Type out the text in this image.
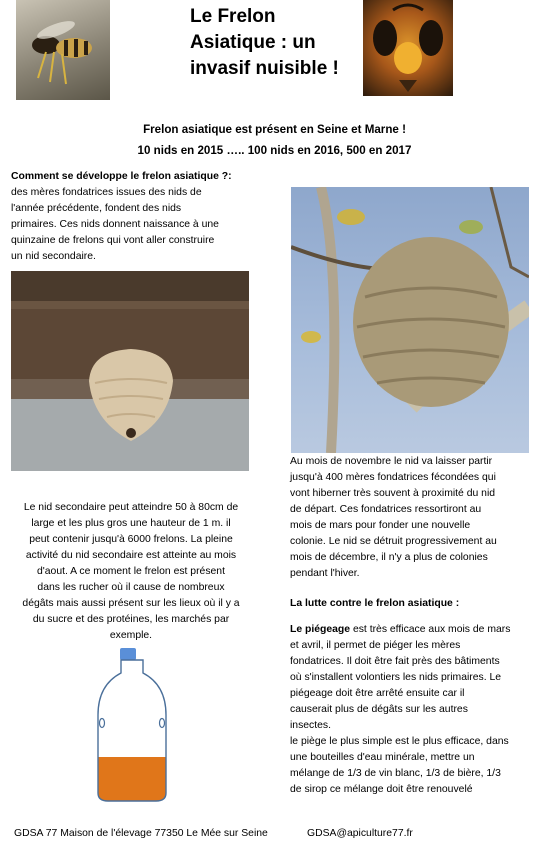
Le Frelon
Asiatique : un
invasif nuisible !
Frelon asiatique est présent en Seine et Marne !
10 nids en 2015 ….. 100 nids en 2016, 500 en 2017
Comment se développe le frelon asiatique ?:
des mères fondatrices issues des nids de
l'année précédente, fondent des nids
primaires. Ces nids donnent naissance à une
quinzaine de frelons qui vont aller construire
un nid secondaire.
Le nid secondaire peut atteindre 50 à 80cm de
large et les plus gros une hauteur de 1 m. il
peut contenir jusqu'à 6000 frelons. La pleine
activité du nid secondaire est atteinte au mois
d'aout. A ce moment le frelon est présent
dans les rucher où il cause de nombreux
dégâts mais aussi présent sur les lieux où il y a
du sucre et des protéines, les marchés par
exemple.
Au mois de novembre le nid va laisser partir
jusqu'à 400 mères fondatrices fécondées qui
vont hiberner très souvent à proximité du nid
de départ. Ces fondatrices ressortiront au
mois de mars pour fonder une nouvelle
colonie. Le nid se détruit progressivement au
mois de décembre, il n'y a plus de colonies
pendant l'hiver.
La lutte contre le frelon asiatique :
Le piégeage est très efficace aux mois de mars
et avril, il permet de piéger les mères
fondatrices. Il doit être fait près des bâtiments
où s'installent volontiers les nids primaires. Le
piégeage doit être arrêté ensuite car il
causerait plus de dégâts sur les autres
insectes.
le piège le plus simple est le plus efficace, dans
une bouteilles d'eau minérale, mettre un
mélange de 1/3 de vin blanc, 1/3 de bière, 1/3
de sirop ce mélange doit être renouvelé
GDSA 77 Maison de l'élevage 77350 Le Mée sur Seine	GDSA@apiculture77.fr
